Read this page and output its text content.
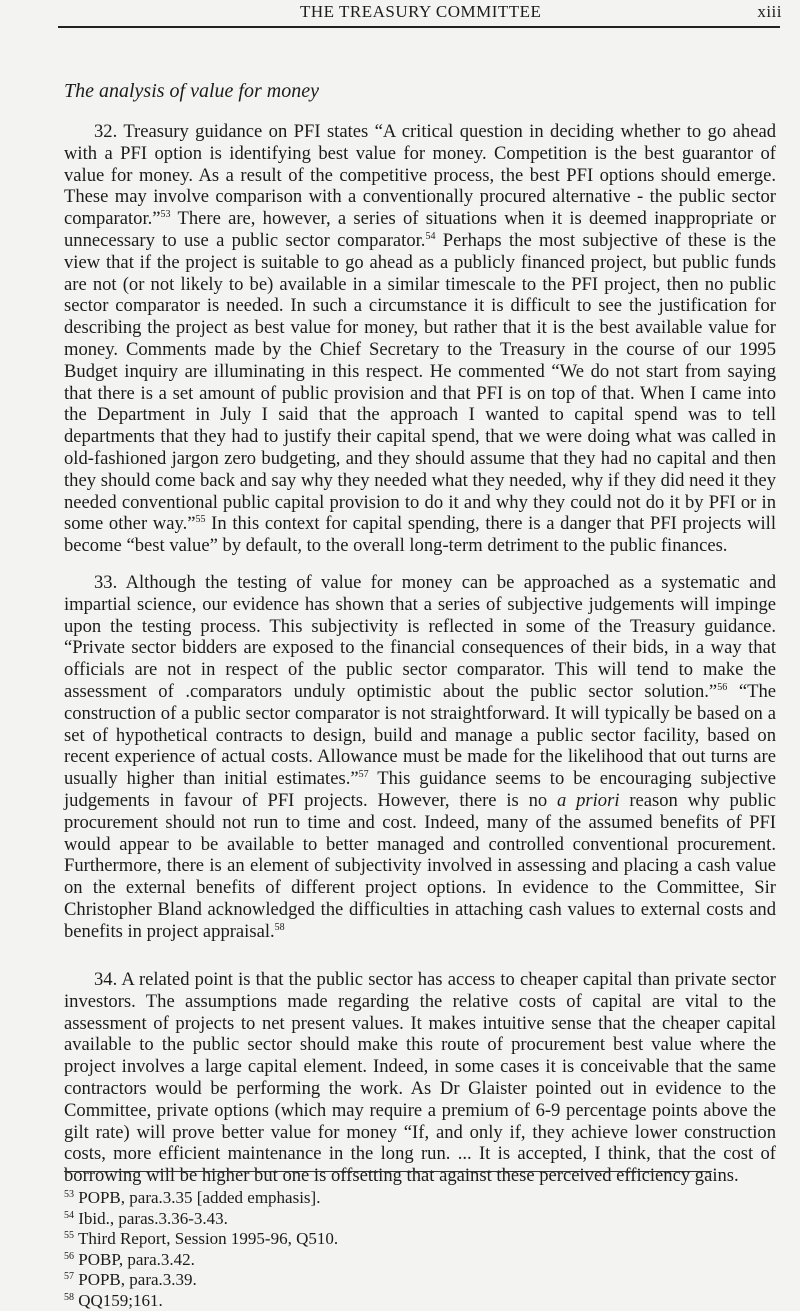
THE TREASURY COMMITTEE	xiii
The analysis of value for money

32. Treasury guidance on PFI states “A critical question in deciding whether to go ahead with a PFI option is identifying best value for money. Competition is the best guarantor of value for money. As a result of the competitive process, the best PFI options should emerge. These may involve comparison with a conventionally procured alternative - the public sector comparator.”$^{53}$ There are, however, a series of situations when it is deemed inappropriate or unnecessary to use a public sector comparator.$^{54}$ Perhaps the most subjective of these is the view that if the project is suitable to go ahead as a publicly financed project, but public funds are not (or not likely to be) available in a similar timescale to the PFI project, then no public sector comparator is needed. In such a circumstance it is difficult to see the justification for describing the project as best value for money, but rather that it is the best available value for money. Comments made by the Chief Secretary to the Treasury in the course of our 1995 Budget inquiry are illuminating in this respect. He commented “We do not start from saying that there is a set amount of public provision and that PFI is on top of that. When I came into the Department in July I said that the approach I wanted to capital spend was to tell departments that they had to justify their capital spend, that we were doing what was called in old-fashioned jargon zero budgeting, and they should assume that they had no capital and then they should come back and say why they needed what they needed, why if they did need it they needed conventional public capital provision to do it and why they could not do it by PFI or in some other way.”$^{55}$ In this context for capital spending, there is a danger that PFI projects will become “best value” by default, to the overall long-term detriment to the public finances.

33. Although the testing of value for money can be approached as a systematic and impartial science, our evidence has shown that a series of subjective judgements will impinge upon the testing process. This subjectivity is reflected in some of the Treasury guidance. “Private sector bidders are exposed to the financial consequences of their bids, in a way that officials are not in respect of the public sector comparator. This will tend to make the assessment of .comparators unduly optimistic about the public sector solution.”$^{56}$ “The construction of a public sector comparator is not straightforward. It will typically be based on a set of hypothetical contracts to design, build and manage a public sector facility, based on recent experience of actual costs. Allowance must be made for the likelihood that out turns are usually higher than initial estimates.”$^{57}$ This guidance seems to be encouraging subjective judgements in favour of PFI projects. However, there is no a priori reason why public procurement should not run to time and cost. Indeed, many of the assumed benefits of PFI would appear to be available to better managed and controlled conventional procurement. Furthermore, there is an element of subjectivity involved in assessing and placing a cash value on the external benefits of different project options. In evidence to the Committee, Sir Christopher Bland acknowledged the difficulties in attaching cash values to external costs and benefits in project appraisal.$^{58}$

34. A related point is that the public sector has access to cheaper capital than private sector investors. The assumptions made regarding the relative costs of capital are vital to the assessment of projects to net present values. It makes intuitive sense that the cheaper capital available to the public sector should make this route of procurement best value where the project involves a large capital element. Indeed, in some cases it is conceivable that the same contractors would be performing the work. As Dr Glaister pointed out in evidence to the Committee, private options (which may require a premium of 6-9 percentage points above the gilt rate) will prove better value for money “If, and only if, they achieve lower construction costs, more efficient maintenance in the long run. ... It is accepted, I think, that the cost of borrowing will be higher but one is offsetting that against these perceived efficiency gains.

$^{53}$ POPB, para.3.35 [added emphasis].
$^{54}$ Ibid., paras.3.36-3.43.
$^{55}$ Third Report, Session 1995-96, Q510.
$^{56}$ POBP, para.3.42.
$^{57}$ POPB, para.3.39.
$^{58}$ QQ159;161.
